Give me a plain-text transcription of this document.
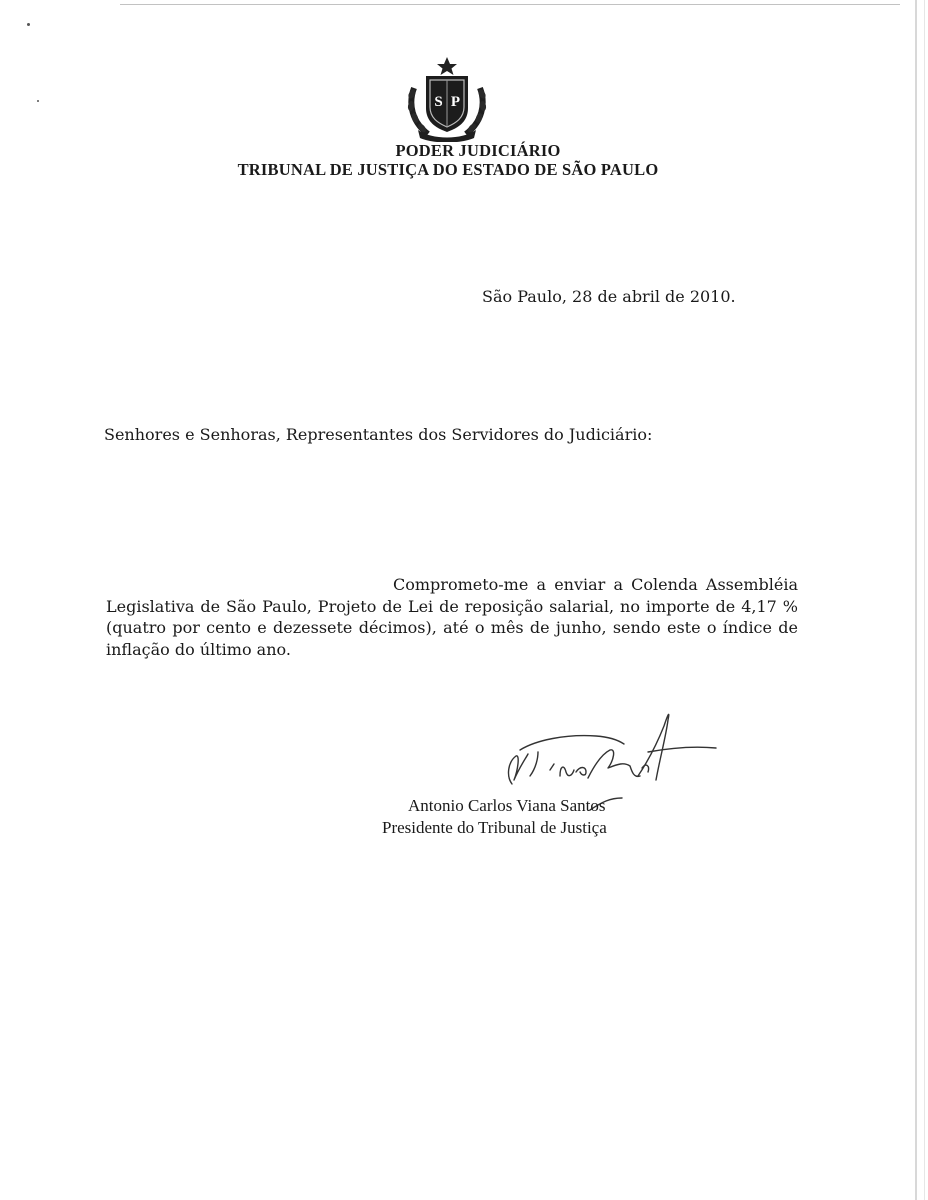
S P
PODER JUDICIÁRIO
TRIBUNAL DE JUSTIÇA DO ESTADO DE SÃO PAULO
São Paulo, 28 de abril de 2010.
Senhores e Senhoras, Representantes dos Servidores do Judiciário:
Comprometo-me a enviar a Colenda Assembléia Legislativa de São Paulo, Projeto de Lei de reposição salarial, no importe de 4,17 % (quatro por cento e dezessete décimos), até o mês de junho, sendo este o índice de inflação do último ano.
Antonio Carlos Viana Santos
Presidente do Tribunal de Justiça
